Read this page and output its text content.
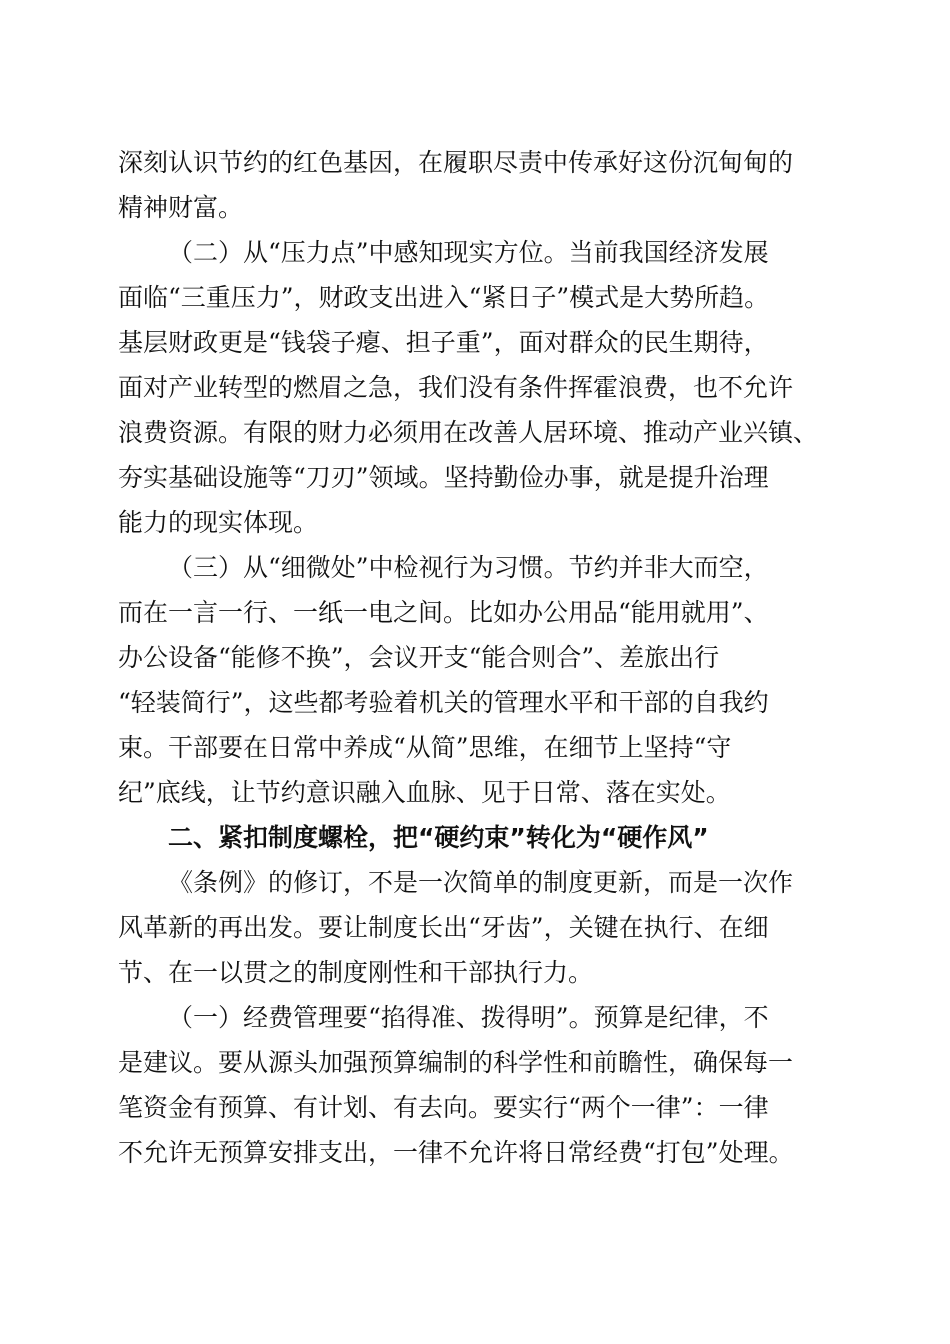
深刻认识节约的红色基因，在履职尽责中传承好这份沉甸甸的
精神财富。
（二）从“压力点”中感知现实方位。当前我国经济发展
面临“三重压力”，财政支出进入“紧日子”模式是大势所趋。
基层财政更是“钱袋子瘪、担子重”，面对群众的民生期待，
面对产业转型的燃眉之急，我们没有条件挥霍浪费，也不允许
浪费资源。有限的财力必须用在改善人居环境、推动产业兴镇、
夯实基础设施等“刀刃”领域。坚持勤俭办事，就是提升治理
能力的现实体现。
（三）从“细微处”中检视行为习惯。节约并非大而空，
而在一言一行、一纸一电之间。比如办公用品“能用就用”、
办公设备“能修不换”，会议开支“能合则合”、差旅出行
“轻装简行”，这些都考验着机关的管理水平和干部的自我约
束。干部要在日常中养成“从简”思维，在细节上坚持“守
纪”底线，让节约意识融入血脉、见于日常、落在实处。
二、紧扣制度螺栓，把“硬约束”转化为“硬作风”
《条例》的修订，不是一次简单的制度更新，而是一次作
风革新的再出发。要让制度长出“牙齿”，关键在执行、在细
节、在一以贯之的制度刚性和干部执行力。
（一）经费管理要“掐得准、拨得明”。预算是纪律，不
是建议。要从源头加强预算编制的科学性和前瞻性，确保每一
笔资金有预算、有计划、有去向。要实行“两个一律”：一律
不允许无预算安排支出，一律不允许将日常经费“打包”处理。
